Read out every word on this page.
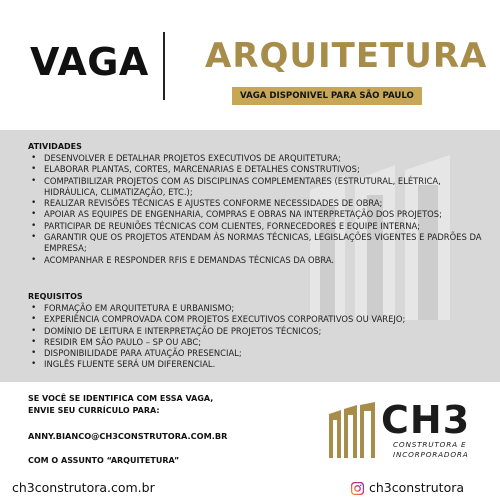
VAGA ARQUITETURA
VAGA DISPONIVEL PARA SÃO PAULO
ATIVIDADES
• DESENVOLVER E DETALHAR PROJETOS EXECUTIVOS DE ARQUITETURA;
• ELABORAR PLANTAS, CORTES, MARCENARIAS E DETALHES CONSTRUTIVOS;
• COMPATIBILIZAR PROJETOS COM AS DISCIPLINAS COMPLEMENTARES (ESTRUTURAL, ELÉTRICA, HIDRÁULICA, CLIMATIZAÇÃO, ETC.);
• REALIZAR REVISÕES TÉCNICAS E AJUSTES CONFORME NECESSIDADES DE OBRA;
• APOIAR AS EQUIPES DE ENGENHARIA, COMPRAS E OBRAS NA INTERPRETAÇÃO DOS PROJETOS;
• PARTICIPAR DE REUNIÕES TÉCNICAS COM CLIENTES, FORNECEDORES E EQUIPE INTERNA;
• GARANTIR QUE OS PROJETOS ATENDAM ÀS NORMAS TÉCNICAS, LEGISLAÇÕES VIGENTES E PADRÕES DA EMPRESA;
• ACOMPANHAR E RESPONDER RFIS E DEMANDAS TÉCNICAS DA OBRA.
REQUISITOS
• FORMAÇÃO EM ARQUITETURA E URBANISMO;
• EXPERIÊNCIA COMPROVADA COM PROJETOS EXECUTIVOS CORPORATIVOS OU VAREJO;
• DOMÍNIO DE LEITURA E INTERPRETAÇÃO DE PROJETOS TÉCNICOS;
• RESIDIR EM SÃO PAULO – SP OU ABC;
• DISPONIBILIDADE PARA ATUAÇÃO PRESENCIAL;
• INGLÊS FLUENTE SERÁ UM DIFERENCIAL.
SE VOCÊ SE IDENTIFICA COM ESSA VAGA,
ENVIE SEU CURRÍCULO PARA:
ANNY.BIANCO@CH3CONSTRUTORA.COM.BR
COM O ASSUNTO “ARQUITETURA”
CH3
CONSTRUTORA E
INCORPORADORA
ch3construtora.com.br	ch3construtora
